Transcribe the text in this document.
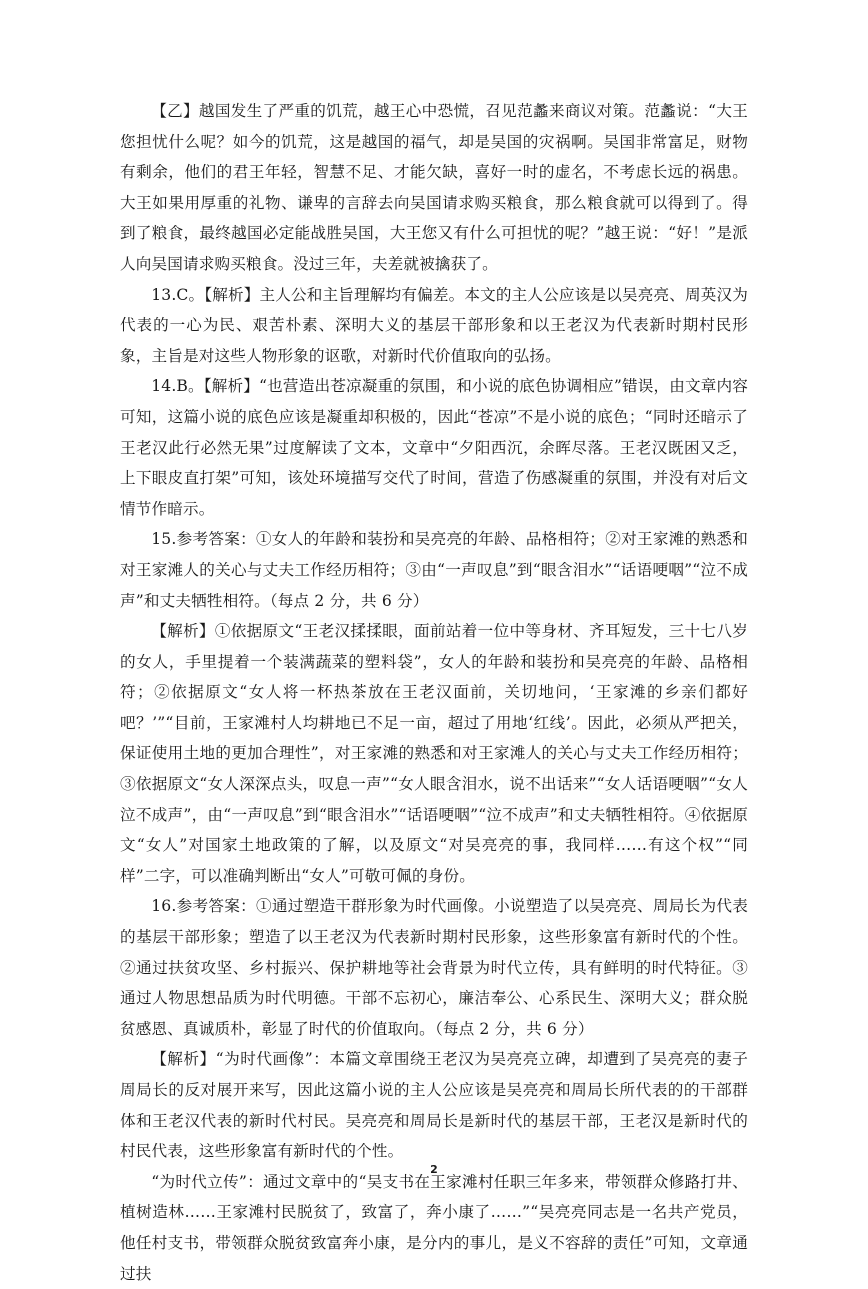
【乙】越国发生了严重的饥荒，越王心中恐慌，召见范蠡来商议对策。范蠡说：“大王您担忧什么呢？如今的饥荒，这是越国的福气，却是吴国的灾祸啊。吴国非常富足，财物有剩余，他们的君王年轻，智慧不足、才能欠缺，喜好一时的虚名，不考虑长远的祸患。大王如果用厚重的礼物、谦卑的言辞去向吴国请求购买粮食，那么粮食就可以得到了。得到了粮食，最终越国必定能战胜吴国，大王您又有什么可担忧的呢？”越王说：“好！”是派人向吴国请求购买粮食。没过三年，夫差就被擒获了。

13.C。【解析】主人公和主旨理解均有偏差。本文的主人公应该是以吴亮亮、周英汉为代表的一心为民、艰苦朴素、深明大义的基层干部形象和以王老汉为代表新时期村民形象，主旨是对这些人物形象的讴歌，对新时代价值取向的弘扬。

14.B。【解析】“也营造出苍凉凝重的氛围，和小说的底色协调相应”错误，由文章内容可知，这篇小说的底色应该是凝重却积极的，因此“苍凉”不是小说的底色；“同时还暗示了王老汉此行必然无果”过度解读了文本，文章中“夕阳西沉，余晖尽落。王老汉既困又乏，上下眼皮直打架”可知，该处环境描写交代了时间，营造了伤感凝重的氛围，并没有对后文情节作暗示。

15.参考答案：①女人的年龄和装扮和吴亮亮的年龄、品格相符；②对王家滩的熟悉和对王家滩人的关心与丈夫工作经历相符；③由“一声叹息”到“眼含泪水”“话语哽咽”“泣不成声”和丈夫牺牲相符。（每点 2 分，共 6 分）

【解析】①依据原文“王老汉揉揉眼，面前站着一位中等身材、齐耳短发，三十七八岁的女人，手里提着一个装满蔬菜的塑料袋”，女人的年龄和装扮和吴亮亮的年龄、品格相符；②依据原文“女人将一杯热茶放在王老汉面前，关切地问，‘王家滩的乡亲们都好吧？’”“目前，王家滩村人均耕地已不足一亩，超过了用地‘红线’。因此，必须从严把关，保证使用土地的更加合理性”，对王家滩的熟悉和对王家滩人的关心与丈夫工作经历相符；③依据原文“女人深深点头，叹息一声”“女人眼含泪水，说不出话来”“女人话语哽咽”“女人泣不成声”，由“一声叹息”到“眼含泪水”“话语哽咽”“泣不成声”和丈夫牺牲相符。④依据原文“女人”对国家土地政策的了解，以及原文“对吴亮亮的事，我同样……有这个权”“同样”二字，可以准确判断出“女人”可敬可佩的身份。

16.参考答案：①通过塑造干群形象为时代画像。小说塑造了以吴亮亮、周局长为代表的基层干部形象；塑造了以王老汉为代表新时期村民形象，这些形象富有新时代的个性。②通过扶贫攻坚、乡村振兴、保护耕地等社会背景为时代立传，具有鲜明的时代特征。③通过人物思想品质为时代明德。干部不忘初心，廉洁奉公、心系民生、深明大义；群众脱贫感恩、真诚质朴，彰显了时代的价值取向。（每点 2 分，共 6 分）

【解析】“为时代画像”：本篇文章围绕王老汉为吴亮亮立碑，却遭到了吴亮亮的妻子周局长的反对展开来写，因此这篇小说的主人公应该是吴亮亮和周局长所代表的的干部群体和王老汉代表的新时代村民。吴亮亮和周局长是新时代的基层干部，王老汉是新时代的村民代表，这些形象富有新时代的个性。

“为时代立传”：通过文章中的“吴支书在王家滩村任职三年多来，带领群众修路打井、植树造林……王家滩村民脱贫了，致富了，奔小康了……”“吴亮亮同志是一名共产党员，他任村支书，带领群众脱贫致富奔小康，是分内的事儿，是义不容辞的责任”可知，文章通过扶

2
